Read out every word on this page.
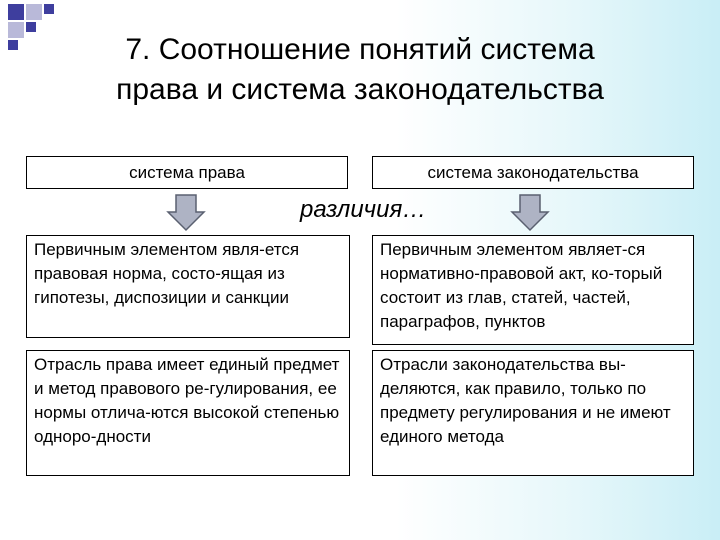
7. Соотношение понятий система
права и система законодательства
система права	система законодательства
различия…
Первичным элементом явля-ется правовая норма, состо-ящая из гипотезы, диспозиции и санкции
Первичным элементом являет-ся нормативно-правовой акт, ко-торый состоит из глав, статей, частей, параграфов, пунктов
Отрасль права имеет единый предмет и метод правового ре-гулирования, ее нормы отлича-ются высокой степенью одноро-дности
Отрасли законодательства вы-деляются, как правило, только по предмету регулирования и не имеют единого метода
